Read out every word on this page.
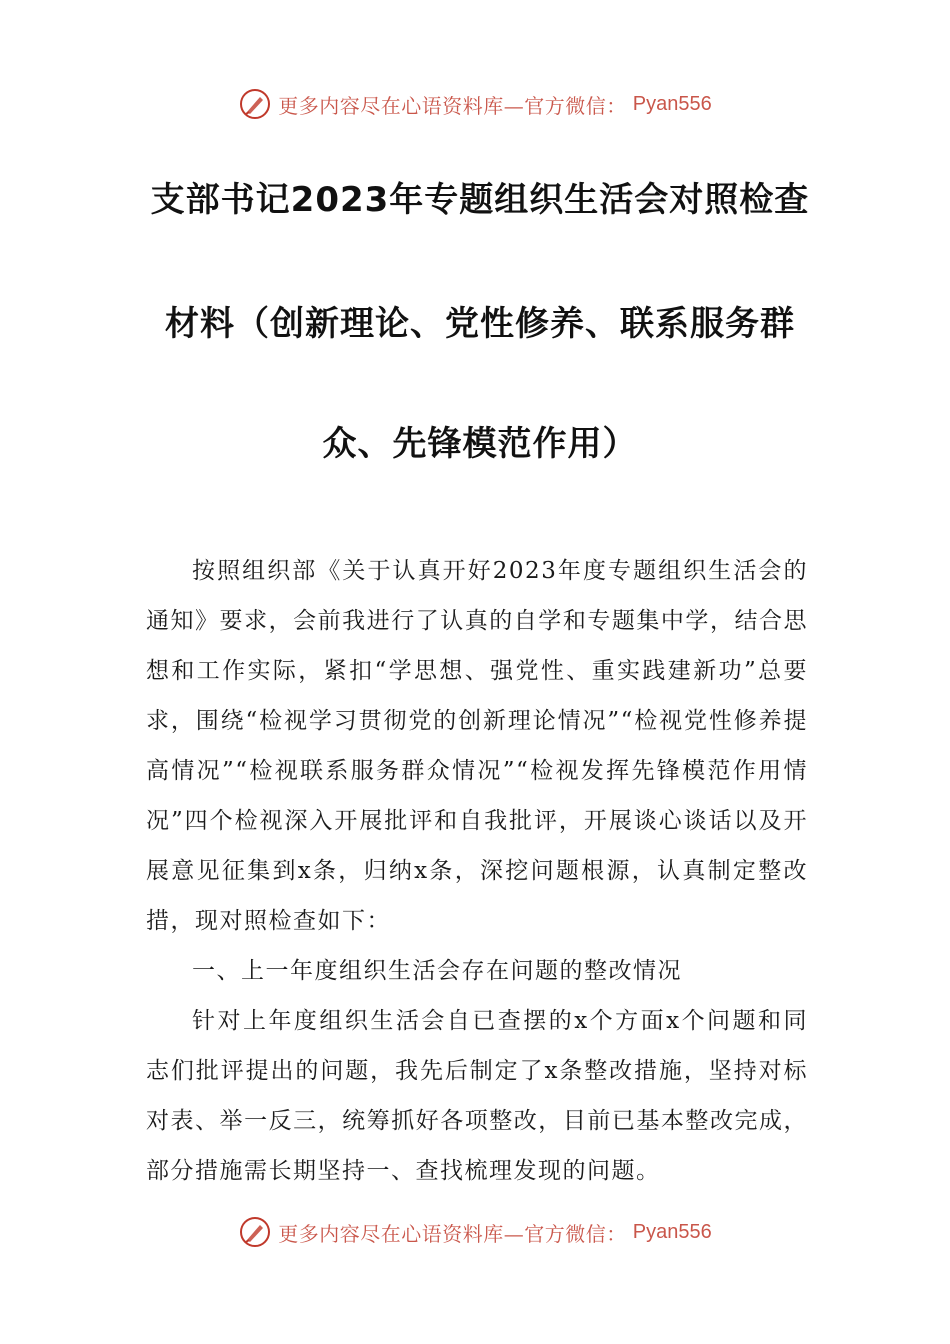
更多内容尽在心语资料库—官方微信： Pyan556
支部书记2023年专题组织生活会对照检查
材料（创新理论、党性修养、联系服务群
众、先锋模范作用）

按照组织部《关于认真开好2023年度专题组织生活会的通知》要求，会前我进行了认真的自学和专题集中学，结合思想和工作实际，紧扣“学思想、强党性、重实践建新功”总要求，围绕“检视学习贯彻党的创新理论情况”“检视党性修养提高情况”“检视联系服务群众情况”“检视发挥先锋模范作用情况”四个检视深入开展批评和自我批评，开展谈心谈话以及开展意见征集到x条，归纳x条，深挖问题根源，认真制定整改措，现对照检查如下：

一、上一年度组织生活会存在问题的整改情况

针对上年度组织生活会自已查摆的x个方面x个问题和同志们批评提出的问题，我先后制定了x条整改措施，坚持对标对表、举一反三，统筹抓好各项整改，目前已基本整改完成，部分措施需长期坚持一、查找梳理发现的问题。

更多内容尽在心语资料库—官方微信： Pyan556
